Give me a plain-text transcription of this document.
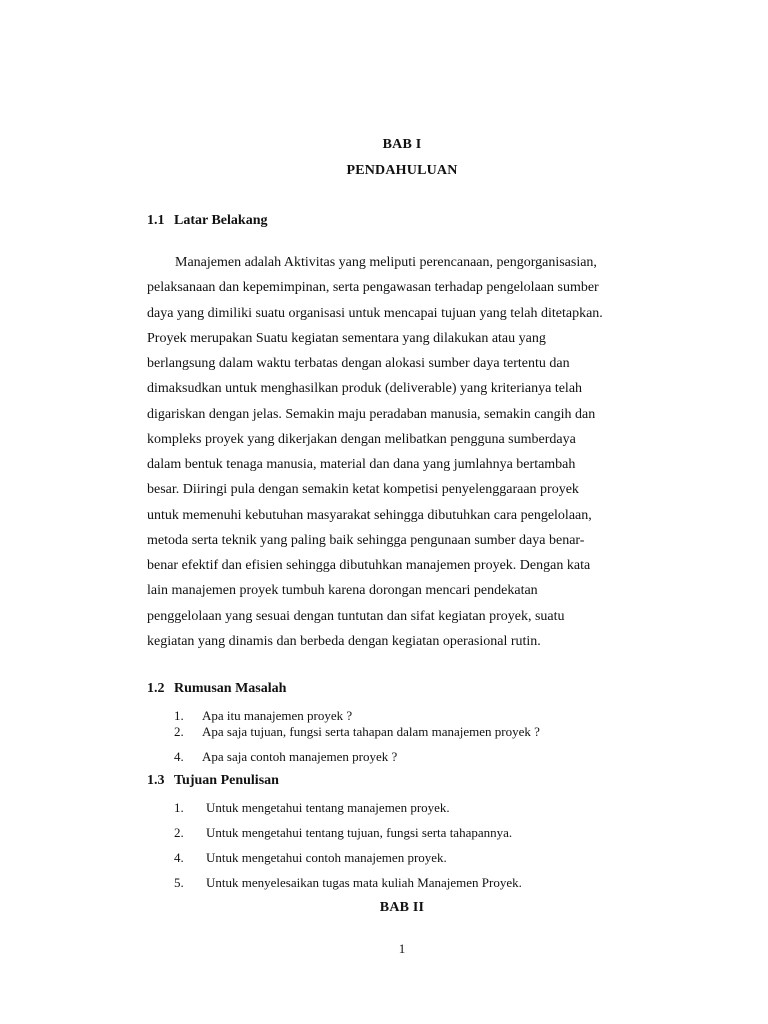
BAB I
PENDAHULUAN
1.1 Latar Belakang
Manajemen adalah Aktivitas yang meliputi perencanaan, pengorganisasian,
pelaksanaan dan kepemimpinan, serta pengawasan terhadap pengelolaan sumber
daya yang dimiliki suatu organisasi untuk mencapai tujuan yang telah ditetapkan.
Proyek merupakan Suatu kegiatan sementara yang dilakukan atau yang
berlangsung dalam waktu terbatas dengan alokasi sumber daya tertentu dan
dimaksudkan untuk menghasilkan produk (deliverable) yang kriterianya telah
digariskan dengan jelas. Semakin maju peradaban manusia, semakin cangih dan
kompleks proyek yang dikerjakan dengan melibatkan pengguna sumberdaya
dalam bentuk tenaga manusia, material dan dana yang jumlahnya bertambah
besar. Diiringi pula dengan semakin ketat kompetisi penyelenggaraan proyek
untuk memenuhi kebutuhan masyarakat sehingga dibutuhkan cara pengelolaan,
metoda serta teknik yang paling baik sehingga pengunaan sumber daya benar-
benar efektif dan efisien sehingga dibutuhkan manajemen proyek. Dengan kata
lain manajemen proyek tumbuh karena dorongan mencari pendekatan
penggelolaan yang sesuai dengan tuntutan dan sifat kegiatan proyek, suatu
kegiatan yang dinamis dan berbeda dengan kegiatan operasional rutin.
1.2 Rumusan Masalah
1. Apa itu manajemen proyek ?
2. Apa saja tujuan, fungsi serta tahapan dalam manajemen proyek ?
4. Apa saja contoh manajemen proyek ?
1.3 Tujuan Penulisan
1. Untuk mengetahui tentang manajemen proyek.
2. Untuk mengetahui tentang tujuan, fungsi serta tahapannya.
4. Untuk mengetahui contoh manajemen proyek.
5. Untuk menyelesaikan tugas mata kuliah Manajemen Proyek.
BAB II
1
